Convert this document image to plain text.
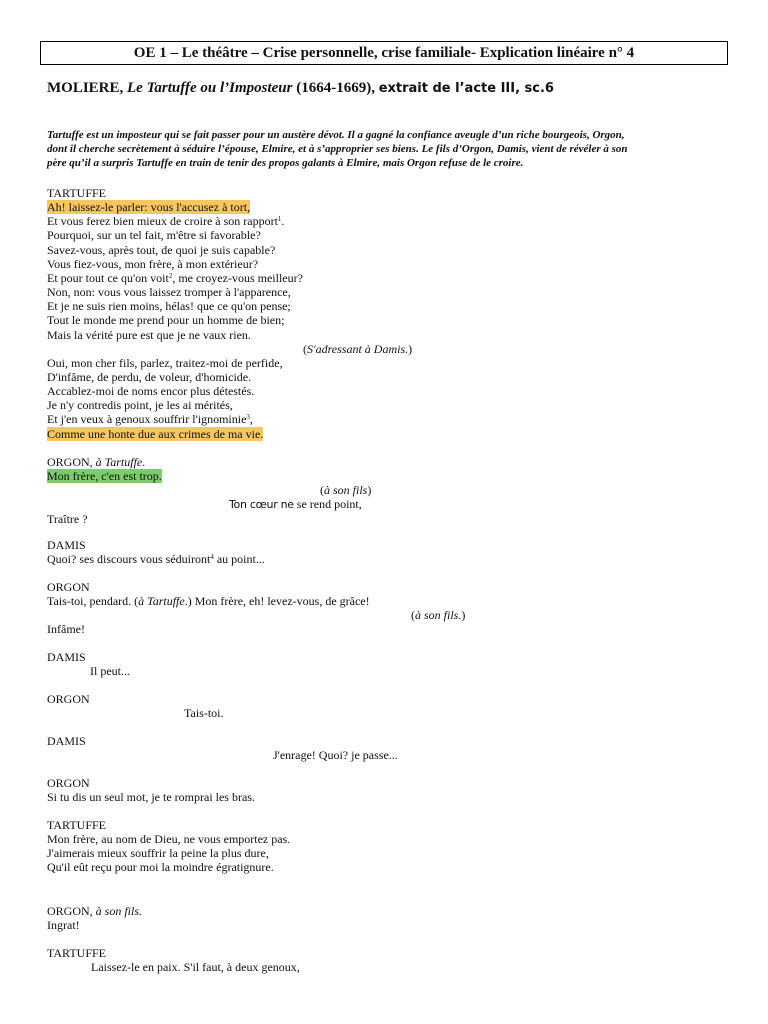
OE 1 – Le théâtre – Crise personnelle, crise familiale- Explication linéaire n° 4
MOLIERE, Le Tartuffe ou l’Imposteur (1664-1669), extrait de l’acte III, sc.6
Tartuffe est un imposteur qui se fait passer pour un austère dévot. Il a gagné la confiance aveugle d’un riche bourgeois, Orgon,
dont il cherche secrètement à séduire l’épouse, Elmire, et à s’approprier ses biens. Le fils d’Orgon, Damis, vient de révéler à son
père qu’il a surpris Tartuffe en train de tenir des propos galants à Elmire, mais Orgon refuse de le croire.
TARTUFFE
Ah! laissez-le parler: vous l'accusez à tort,
Et vous ferez bien mieux de croire à son rapport$^1$.
Pourquoi, sur un tel fait, m'être si favorable?
Savez-vous, après tout, de quoi je suis capable?
Vous fiez-vous, mon frère, à mon extérieur?
Et pour tout ce qu'on voit$^2$, me croyez-vous meilleur?
Non, non: vous vous laissez tromper à l'apparence,
Et je ne suis rien moins, hélas! que ce qu'on pense;
Tout le monde me prend pour un homme de bien;
Mais la vérité pure est que je ne vaux rien.
(S'adressant à Damis.)
Oui, mon cher fils, parlez, traitez-moi de perfide,
D'infâme, de perdu, de voleur, d'homicide.
Accablez-moi de noms encor plus détestés.
Je n'y contredis point, je les ai mérités,
Et j'en veux à genoux souffrir l'ignominie$^3$,
Comme une honte due aux crimes de ma vie.
ORGON, à Tartuffe.
Mon frère, c'en est trop.
(à son fils)
Ton cœur ne se rend point,
Traître ?
DAMIS
Quoi? ses discours vous séduiront$^4$ au point...
ORGON
Tais-toi, pendard. (à Tartuffe.) Mon frère, eh! levez-vous, de grâce!
(à son fils.)
Infâme!
DAMIS
Il peut...
ORGON
Tais-toi.
DAMIS
J'enrage! Quoi? je passe...
ORGON
Si tu dis un seul mot, je te romprai les bras.
TARTUFFE
Mon frère, au nom de Dieu, ne vous emportez pas.
J'aimerais mieux souffrir la peine la plus dure,
Qu'il eût reçu pour moi la moindre égratignure.
ORGON, à son fils.
Ingrat!
TARTUFFE
Laissez-le en paix. S'il faut, à deux genoux,
